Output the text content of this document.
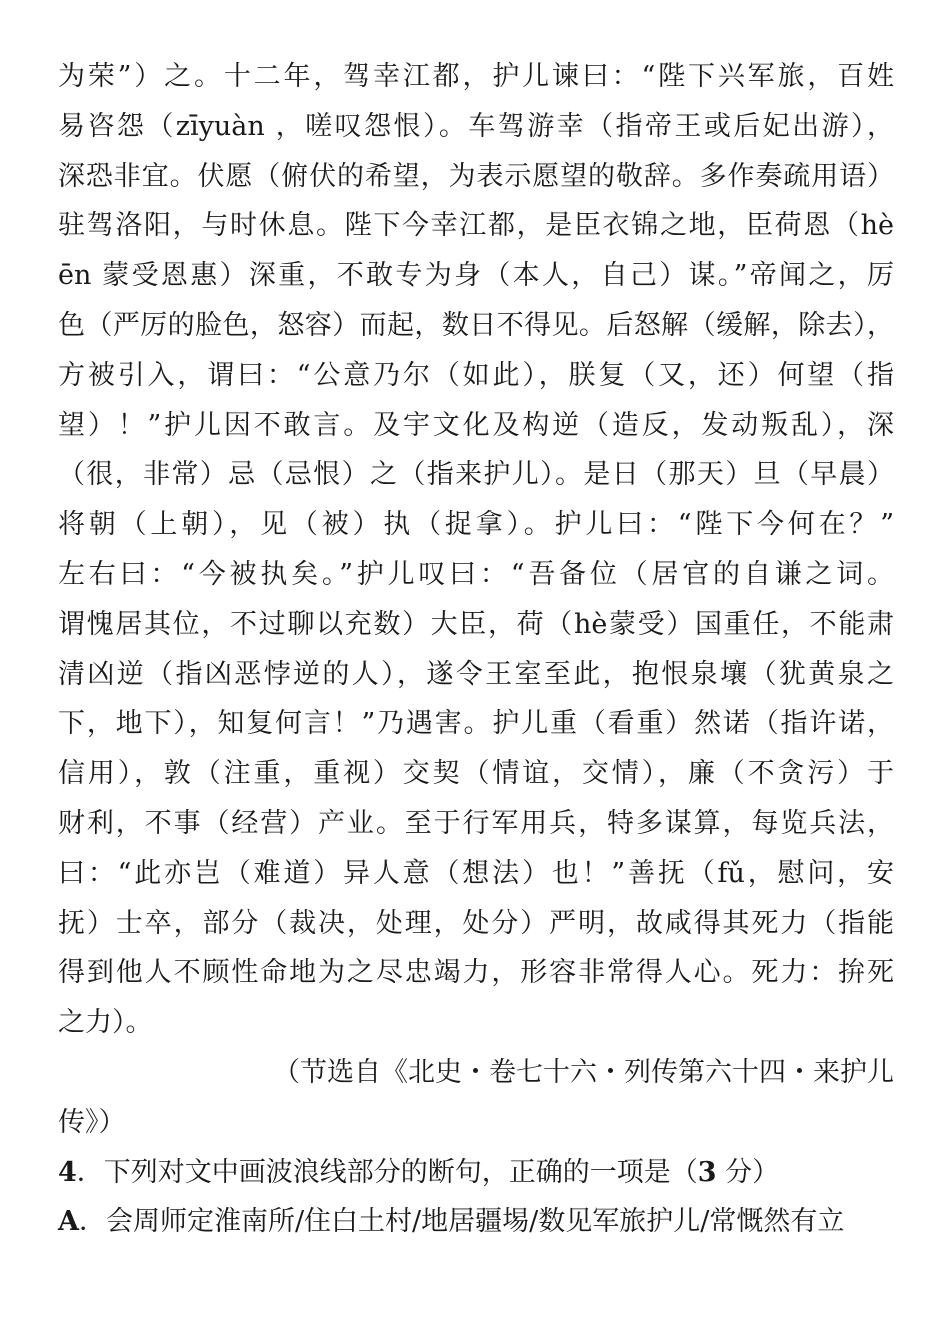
为荣”）之。十二年，驾幸江都，护儿谏曰：“陛下兴军旅，百姓
易咨怨（zīyuàn ，嗟叹怨恨）。车驾游幸（指帝王或后妃出游），
深恐非宜。伏愿（俯伏的希望，为表示愿望的敬辞。多作奏疏用语）
驻驾洛阳，与时休息。陛下今幸江都，是臣衣锦之地，臣荷恩（hè
ēn 蒙受恩惠）深重，不敢专为身（本人，自己）谋。”帝闻之，厉
色（严厉的脸色，怒容）而起，数日不得见。后怒解（缓解，除去），
方被引入，谓曰：“公意乃尔（如此），朕复（又，还）何望（指
望）！”护儿因不敢言。及宇文化及构逆（造反，发动叛乱），深
（很，非常）忌（忌恨）之（指来护儿）。是日（那天）旦（早晨）
将朝（上朝），见（被）执（捉拿）。护儿曰：“陛下今何在？”
左右曰：“今被执矣。”护儿叹曰：“吾备位（居官的自谦之词。
谓愧居其位，不过聊以充数）大臣，荷（hè蒙受）国重任，不能肃
清凶逆（指凶恶悖逆的人），遂令王室至此，抱恨泉壤（犹黄泉之
下，地下），知复何言！”乃遇害。护儿重（看重）然诺（指许诺，
信用），敦（注重，重视）交契（情谊，交情），廉（不贪污）于
财利，不事（经营）产业。至于行军用兵，特多谋算，每览兵法，
曰：“此亦岂（难道）异人意（想法）也！”善抚（fǔ，慰问，安
抚）士卒，部分（裁决，处理，处分）严明，故咸得其死力（指能
得到他人不顾性命地为之尽忠竭力，形容非常得人心。死力：拚死
之力）。
（节选自《北史・卷七十六・列传第六十四・来护儿
传》）
4．下列对文中画波浪线部分的断句，正确的一项是（3 分）
A．会周师定淮南所/住白土村/地居疆埸/数见军旅护儿/常慨然有立
